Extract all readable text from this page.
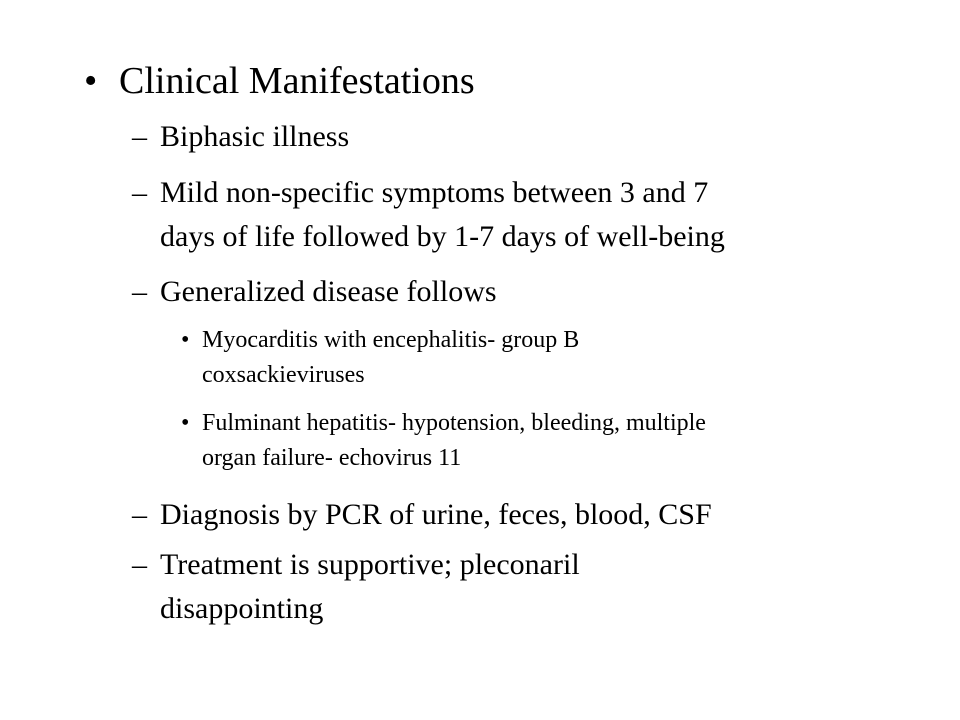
• Clinical Manifestations
– Biphasic illness
– Mild non-specific symptoms between 3 and 7
days of life followed by 1-7 days of well-being
– Generalized disease follows
• Myocarditis with encephalitis- group B
coxsackieviruses
• Fulminant hepatitis- hypotension, bleeding, multiple
organ failure- echovirus 11
– Diagnosis by PCR of urine, feces, blood, CSF
– Treatment is supportive; pleconaril
disappointing
